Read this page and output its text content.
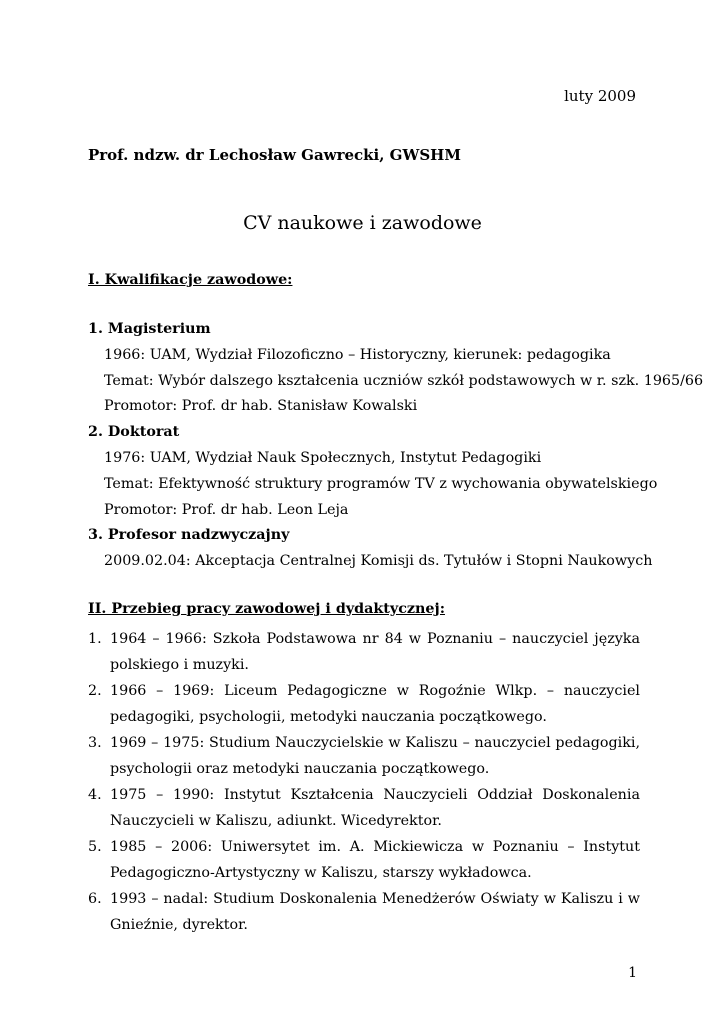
luty 2009
Prof. ndzw. dr Lechosław Gawrecki, GWSHM
CV naukowe i zawodowe
I. Kwalifikacje zawodowe:
1. Magisterium
1966: UAM, Wydział Filozoficzno – Historyczny, kierunek: pedagogika
Temat: Wybór dalszego kształcenia uczniów szkół podstawowych w r. szk. 1965/66
Promotor: Prof. dr hab. Stanisław Kowalski
2. Doktorat
1976: UAM, Wydział Nauk Społecznych, Instytut Pedagogiki
Temat: Efektywność struktury programów TV z wychowania obywatelskiego
Promotor: Prof. dr hab. Leon Leja
3. Profesor nadzwyczajny
2009.02.04: Akceptacja Centralnej Komisji ds. Tytułów i Stopni Naukowych
II. Przebieg pracy zawodowej i dydaktycznej:
1. 1964 – 1966: Szkoła Podstawowa nr 84 w Poznaniu – nauczyciel języka polskiego i muzyki.
2. 1966 – 1969: Liceum Pedagogiczne w Rogoźnie Wlkp. – nauczyciel pedagogiki, psychologii, metodyki nauczania początkowego.
3. 1969 – 1975: Studium Nauczycielskie w Kaliszu – nauczyciel pedagogiki, psychologii oraz metodyki nauczania początkowego.
4. 1975 – 1990: Instytut Kształcenia Nauczycieli Oddział Doskonalenia Nauczycieli w Kaliszu, adiunkt. Wicedyrektor.
5. 1985 – 2006: Uniwersytet im. A. Mickiewicza w Poznaniu – Instytut Pedagogiczno-Artystyczny w Kaliszu, starszy wykładowca.
6. 1993 – nadal: Studium Doskonalenia Menedżerów Oświaty w Kaliszu i w Gnieźnie, dyrektor.
1
